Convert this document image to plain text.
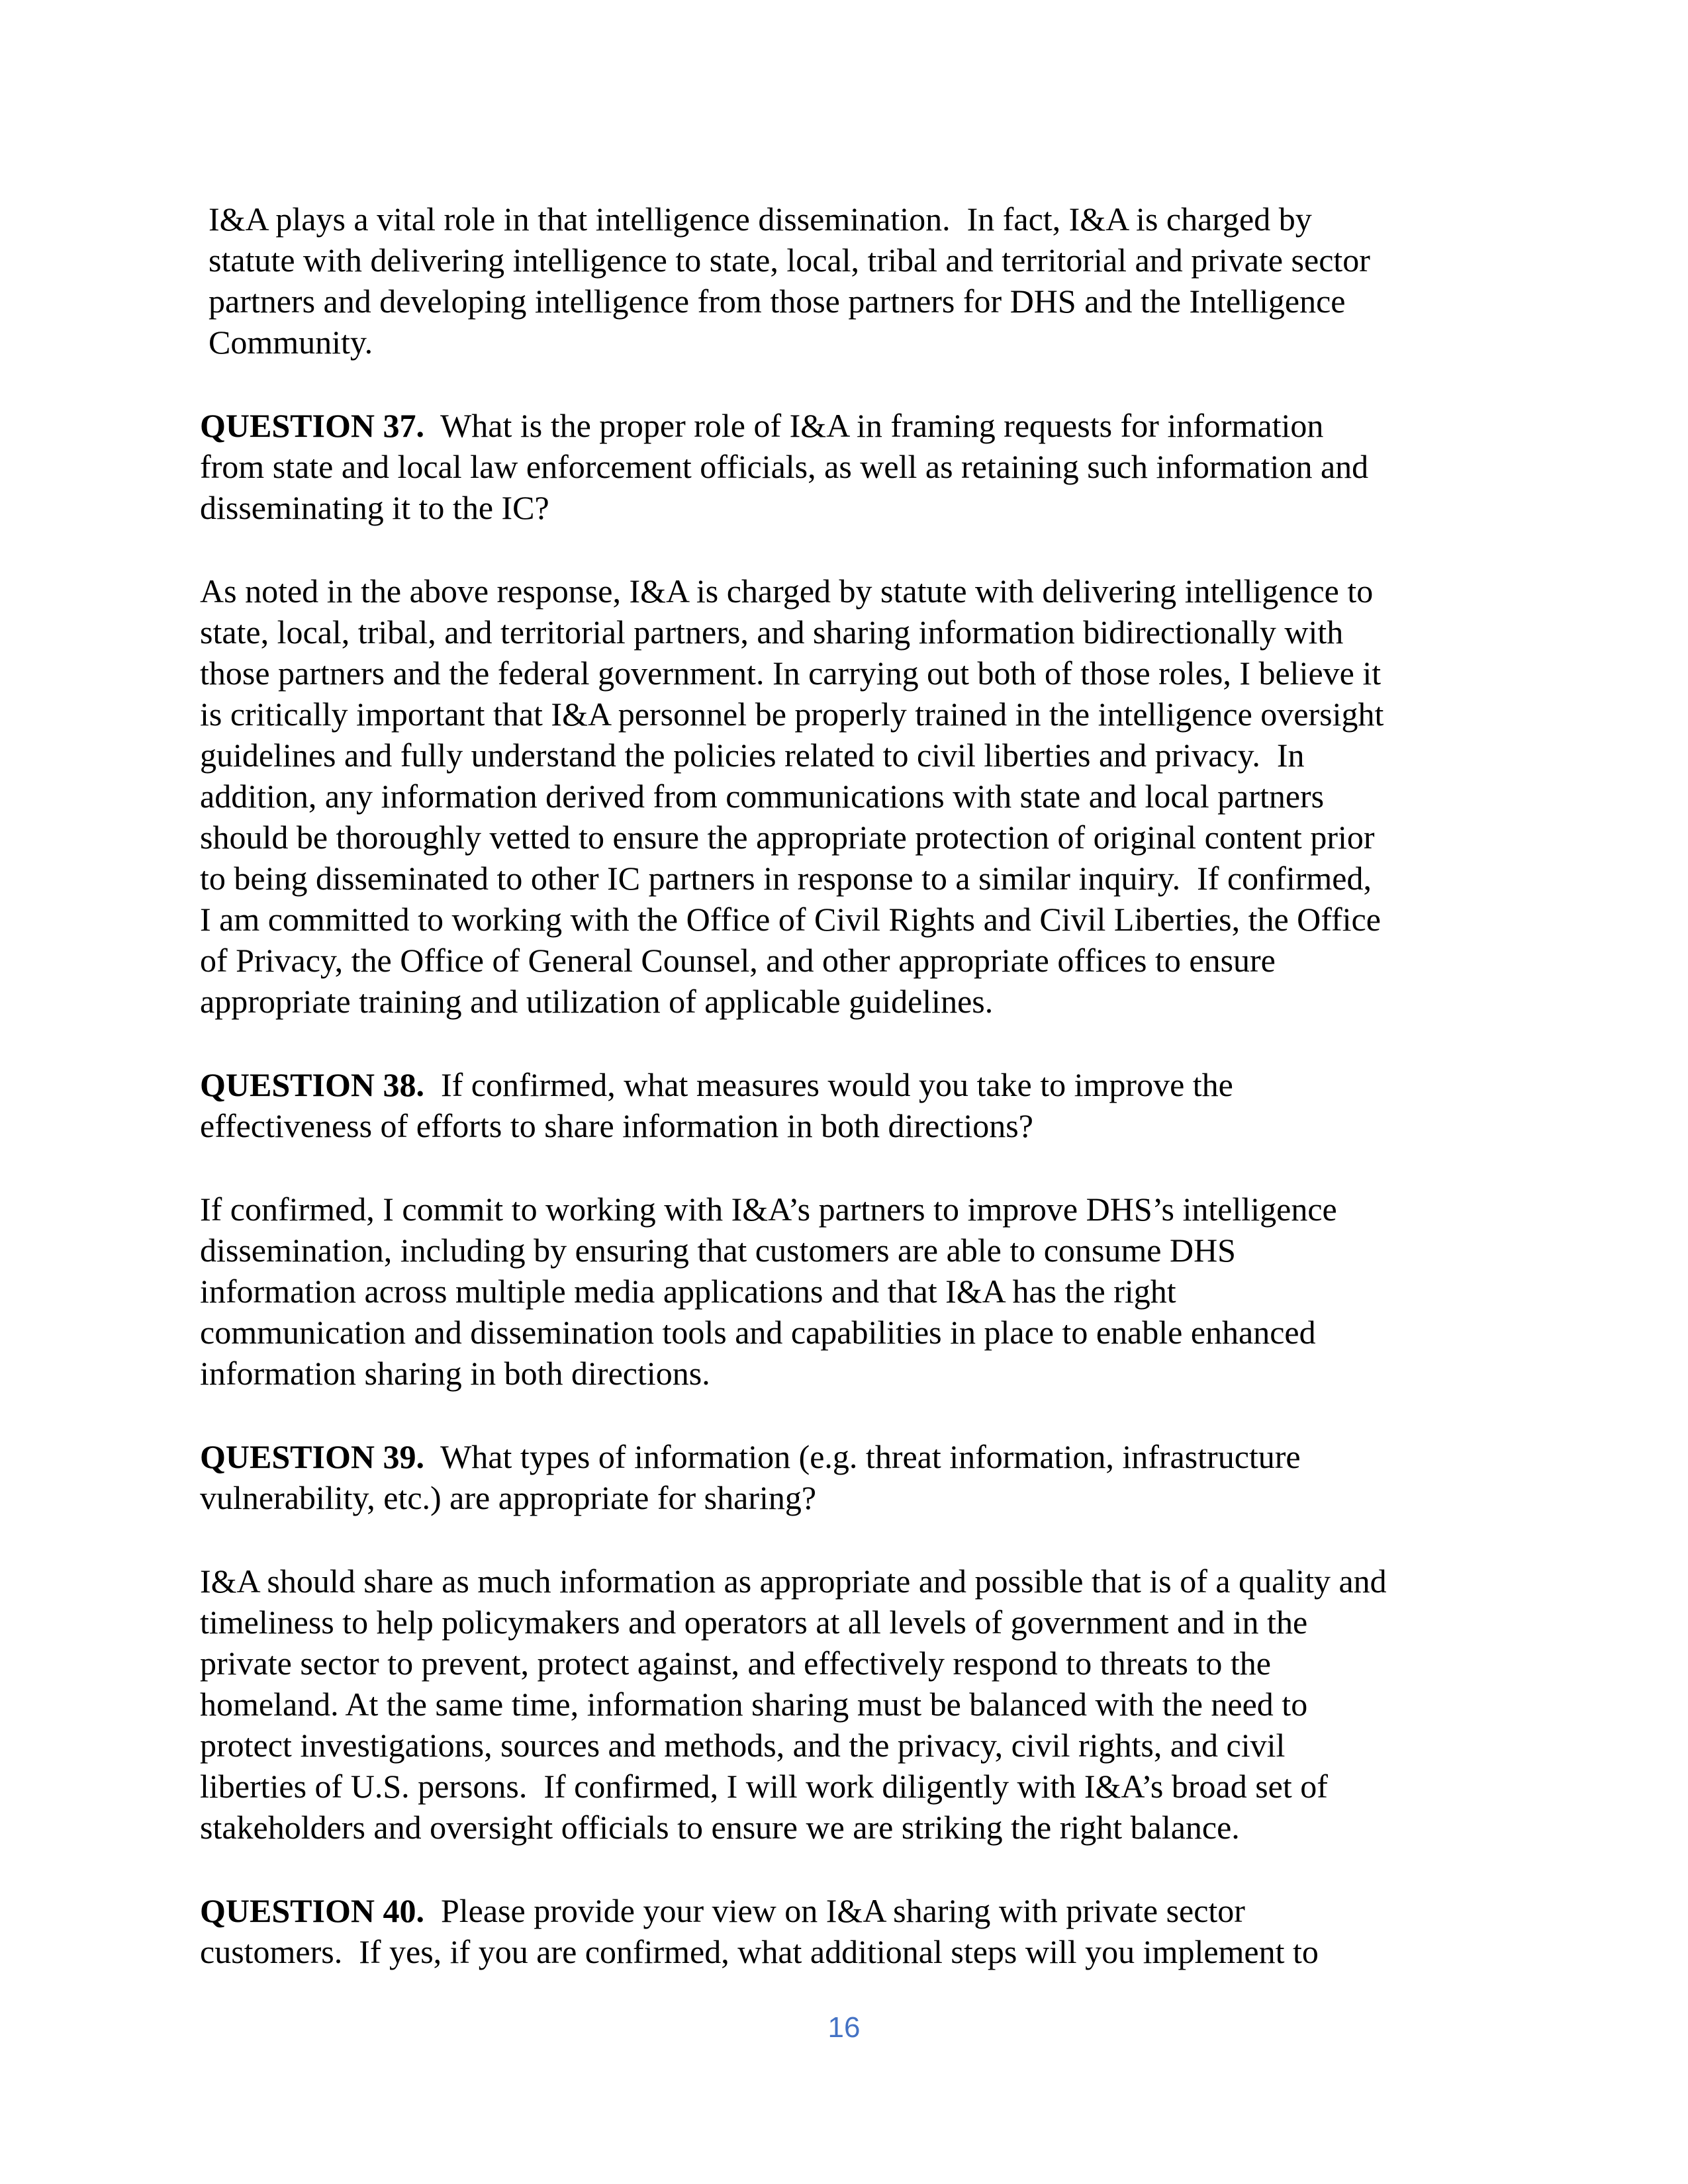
I&A plays a vital role in that intelligence dissemination.  In fact, I&A is charged by
statute with delivering intelligence to state, local, tribal and territorial and private sector
partners and developing intelligence from those partners for DHS and the Intelligence
Community.

QUESTION 37.  What is the proper role of I&A in framing requests for information
from state and local law enforcement officials, as well as retaining such information and
disseminating it to the IC?

As noted in the above response, I&A is charged by statute with delivering intelligence to
state, local, tribal, and territorial partners, and sharing information bidirectionally with
those partners and the federal government. In carrying out both of those roles, I believe it
is critically important that I&A personnel be properly trained in the intelligence oversight
guidelines and fully understand the policies related to civil liberties and privacy.  In
addition, any information derived from communications with state and local partners
should be thoroughly vetted to ensure the appropriate protection of original content prior
to being disseminated to other IC partners in response to a similar inquiry.  If confirmed,
I am committed to working with the Office of Civil Rights and Civil Liberties, the Office
of Privacy, the Office of General Counsel, and other appropriate offices to ensure
appropriate training and utilization of applicable guidelines.

QUESTION 38.  If confirmed, what measures would you take to improve the
effectiveness of efforts to share information in both directions?

If confirmed, I commit to working with I&A’s partners to improve DHS’s intelligence
dissemination, including by ensuring that customers are able to consume DHS
information across multiple media applications and that I&A has the right
communication and dissemination tools and capabilities in place to enable enhanced
information sharing in both directions.

QUESTION 39.  What types of information (e.g. threat information, infrastructure
vulnerability, etc.) are appropriate for sharing?

I&A should share as much information as appropriate and possible that is of a quality and
timeliness to help policymakers and operators at all levels of government and in the
private sector to prevent, protect against, and effectively respond to threats to the
homeland. At the same time, information sharing must be balanced with the need to
protect investigations, sources and methods, and the privacy, civil rights, and civil
liberties of U.S. persons.  If confirmed, I will work diligently with I&A’s broad set of
stakeholders and oversight officials to ensure we are striking the right balance.

QUESTION 40.  Please provide your view on I&A sharing with private sector
customers.  If yes, if you are confirmed, what additional steps will you implement to

16
